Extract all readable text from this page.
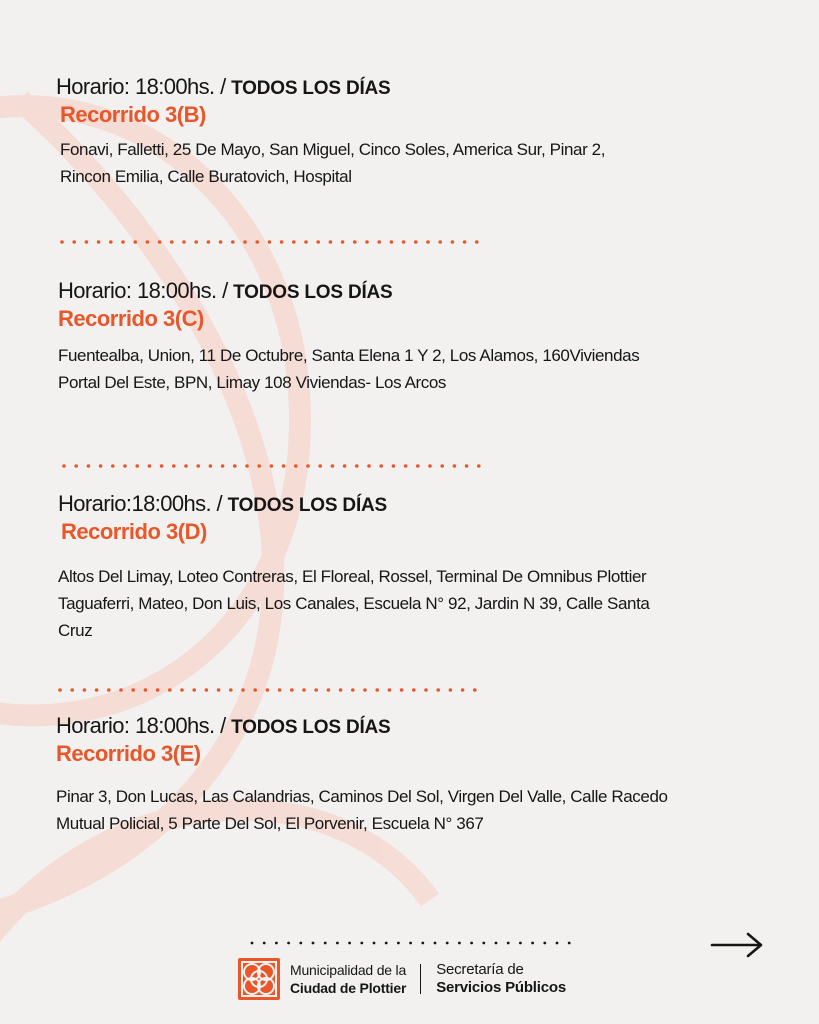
Horario: 18:00hs. / TODOS LOS DÍAS
Recorrido 3(B)
Fonavi, Falletti, 25 De Mayo, San Miguel, Cinco Soles, America Sur, Pinar 2,
Rincon Emilia, Calle Buratovich, Hospital
Horario: 18:00hs. / TODOS LOS DÍAS
Recorrido 3(C)
Fuentealba, Union, 11 De Octubre, Santa Elena 1 Y 2, Los Alamos, 160Viviendas
Portal Del Este, BPN, Limay 108 Viviendas- Los Arcos
Horario:18:00hs. / TODOS LOS DÍAS
Recorrido 3(D)
Altos Del Limay, Loteo Contreras, El Floreal, Rossel, Terminal De Omnibus Plottier
Taguaferri, Mateo, Don Luis, Los Canales, Escuela N° 92, Jardin N 39, Calle Santa
Cruz
Horario: 18:00hs. / TODOS LOS DÍAS
Recorrido 3(E)
Pinar 3, Don Lucas, Las Calandrias, Caminos Del Sol, Virgen Del Valle, Calle Racedo
Mutual Policial, 5 Parte Del Sol, El Porvenir, Escuela N° 367
Municipalidad de la
Ciudad de Plottier
Secretaría de
Servicios Públicos
